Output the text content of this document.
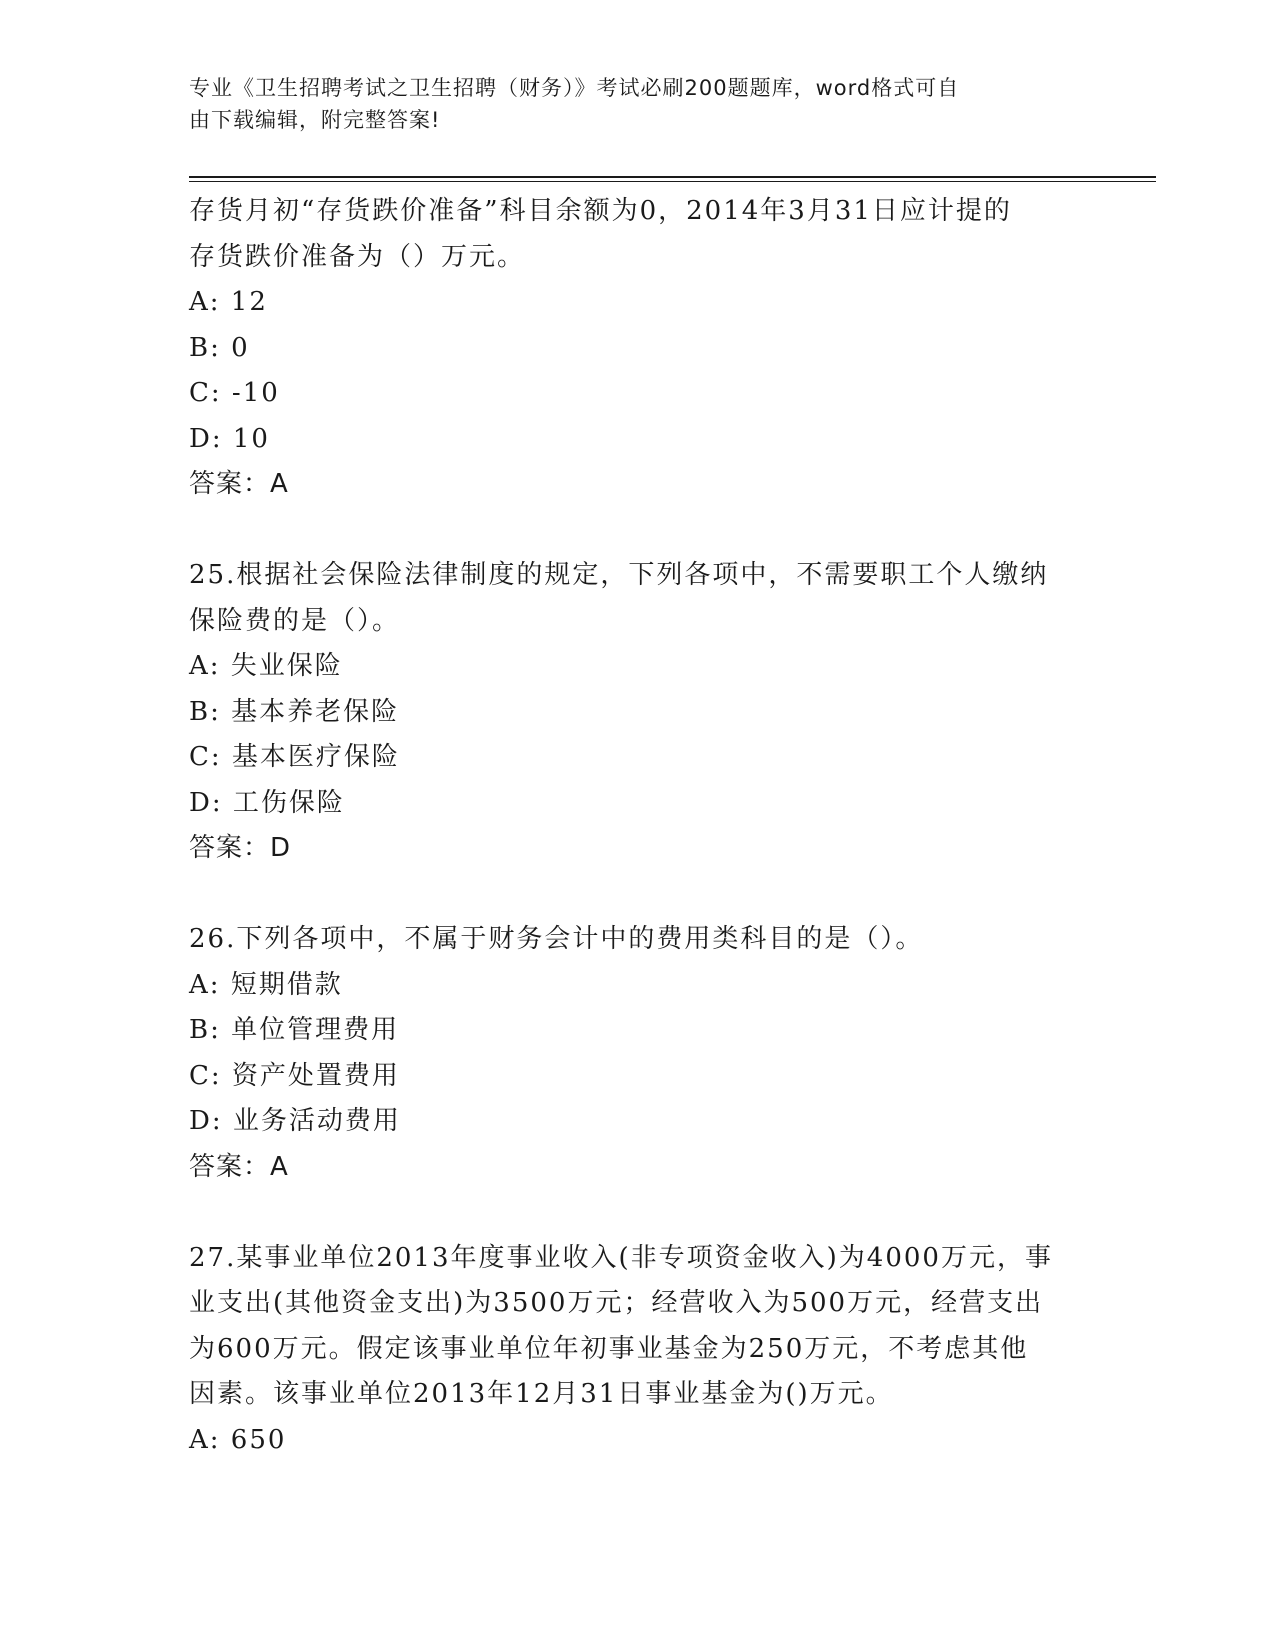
专业《卫生招聘考试之卫生招聘（财务）》考试必刷200题题库，word格式可自
由下载编辑，附完整答案!

存货月初“存货跌价准备”科目余额为0，2014年3月31日应计提的

存货跌价准备为（）万元。

A: 12

B: 0

C: -10

D: 10

答案：A

25.根据社会保险法律制度的规定，下列各项中，不需要职工个人缴纳

保险费的是（）。

A: 失业保险

B: 基本养老保险

C: 基本医疗保险

D: 工伤保险

答案：D

26.下列各项中，不属于财务会计中的费用类科目的是（）。

A: 短期借款

B: 单位管理费用

C: 资产处置费用

D: 业务活动费用

答案：A

27.某事业单位2013年度事业收入(非专项资金收入)为4000万元，事

业支出(其他资金支出)为3500万元；经营收入为500万元，经营支出

为600万元。假定该事业单位年初事业基金为250万元，不考虑其他

因素。该事业单位2013年12月31日事业基金为()万元。

A: 650
